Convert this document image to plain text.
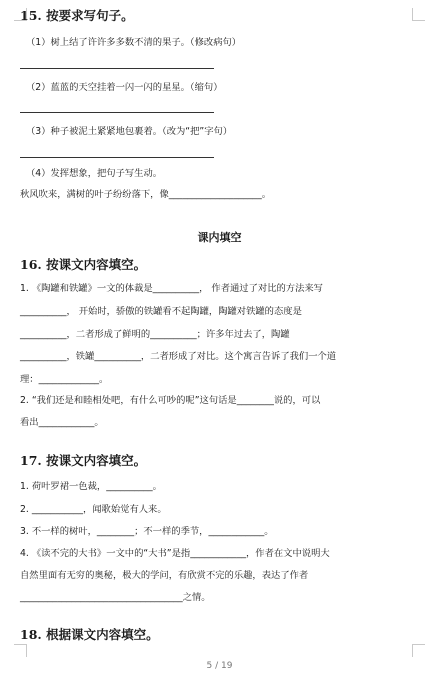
15. 按要求写句子。
（1）树上结了许许多多数不清的果子。（修改病句）
（2）蓝蓝的天空挂着一闪一闪的星星。（缩句）
（3）种子被泥土紧紧地包裹着。（改为“把”字句）
（4）发挥想象，把句子写生动。
秋风吹来，满树的叶子纷纷落下，像____________________。
课内填空
16. 按课文内容填空。
1. 《陶罐和铁罐》一文的体裁是__________， 作者通过了对比的方法来写
__________， 开始时，骄傲的铁罐看不起陶罐，陶罐对铁罐的态度是
__________，二者形成了鲜明的__________；许多年过去了，陶罐
__________，铁罐__________，二者形成了对比。这个寓言告诉了我们一个道
理：_____________。
2. “我们还是和睦相处吧，有什么可吵的呢”这句话是________说的，可以
看出____________。
17. 按课文内容填空。
1. 荷叶罗裙一色裁，__________。
2. ___________，闻歌始觉有人来。
3. 不一样的树叶，________；不一样的季节，____________。
4. 《读不完的大书》一文中的“大书”是指____________，作者在文中说明大
自然里面有无穷的奥秘，极大的学问，有欣赏不完的乐趣，表达了作者
___________________________________之情。
18. 根据课文内容填空。
5 / 19
